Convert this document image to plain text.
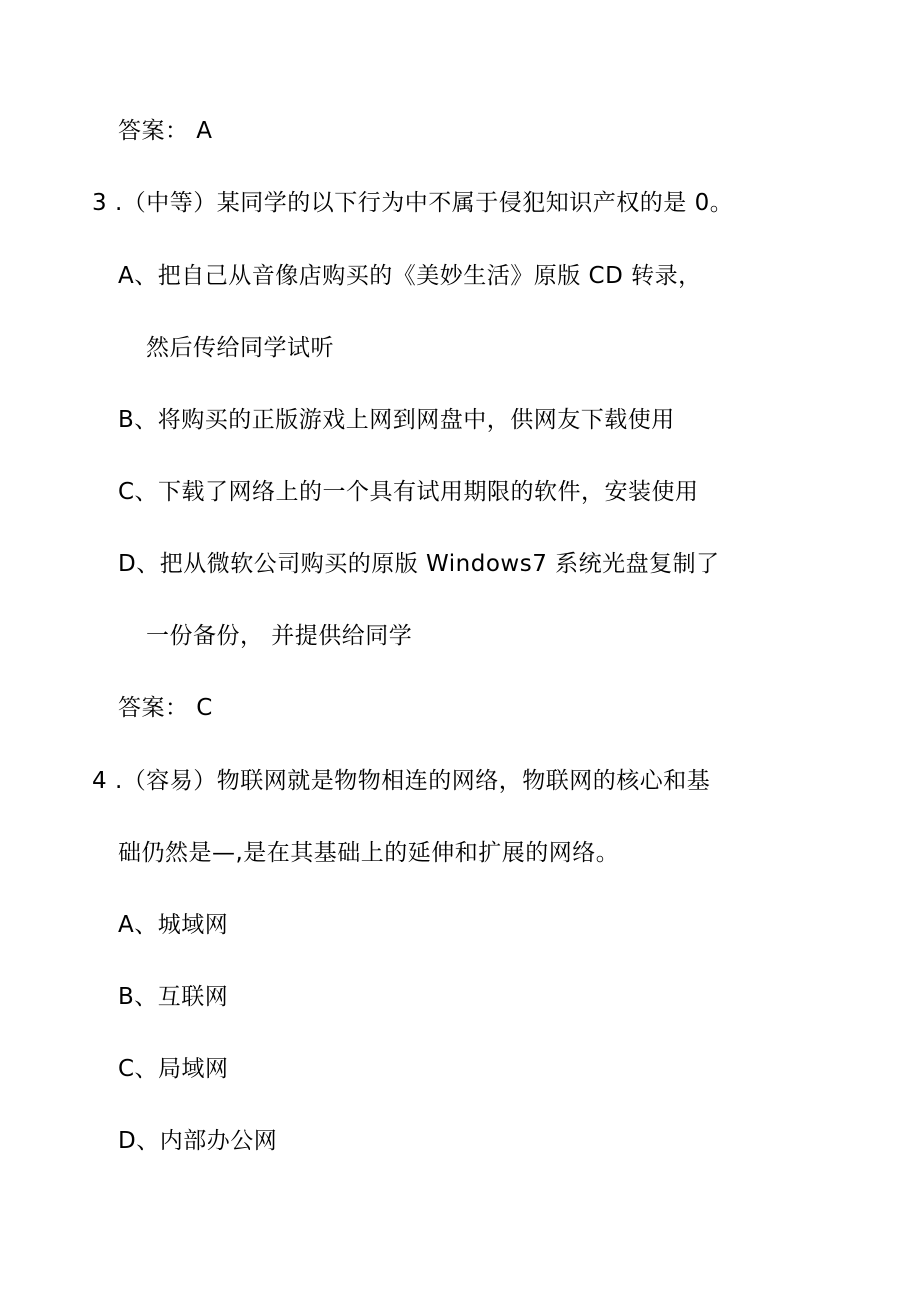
答案： A
3 .（中等）某同学的以下行为中不属于侵犯知识产权的是 0。
A、把自己从音像店购买的《美妙生活》原版 CD 转录，
然后传给同学试听
B、将购买的正版游戏上网到网盘中，供网友下载使用
C、下载了网络上的一个具有试用期限的软件，安装使用
D、把从微软公司购买的原版 Windows7 系统光盘复制了
一份备份， 并提供给同学
答案： C
4 .（容易）物联网就是物物相连的网络，物联网的核心和基
础仍然是—,是在其基础上的延伸和扩展的网络。
A、城域网
B、互联网
C、局域网
D、内部办公网
